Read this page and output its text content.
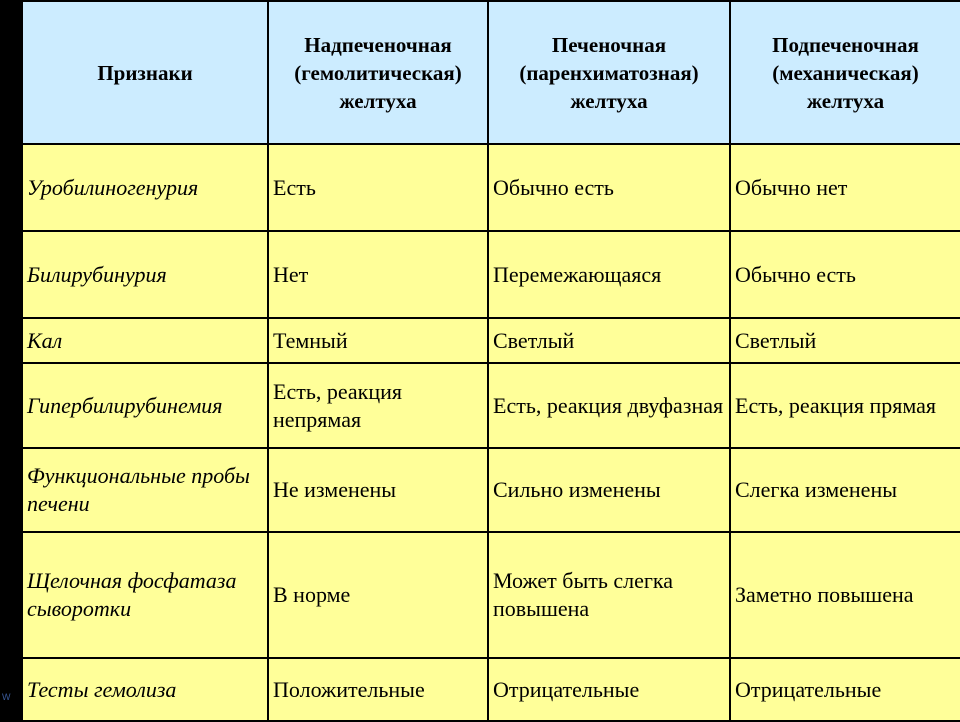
W
Признаки	Надпеченочная (гемолитическая) желтуха	Печеночная (паренхиматозная) желтуха	Подпеченочная (механическая) желтуха
Уробилиногенурия	Есть	Обычно есть	Обычно нет
Билирубинурия	Нет	Перемежающаяся	Обычно есть
Кал	Темный	Светлый	Светлый
Гипербилирубинемия	Есть, реакция непрямая	Есть, реакция двуфазная	Есть, реакция прямая
Функциональные пробы печени	Не изменены	Сильно изменены	Слегка изменены
Щелочная фосфатаза сыворотки	В норме	Может быть слегка повышена	Заметно повышена
Тесты гемолиза	Положительные	Отрицательные	Отрицательные
